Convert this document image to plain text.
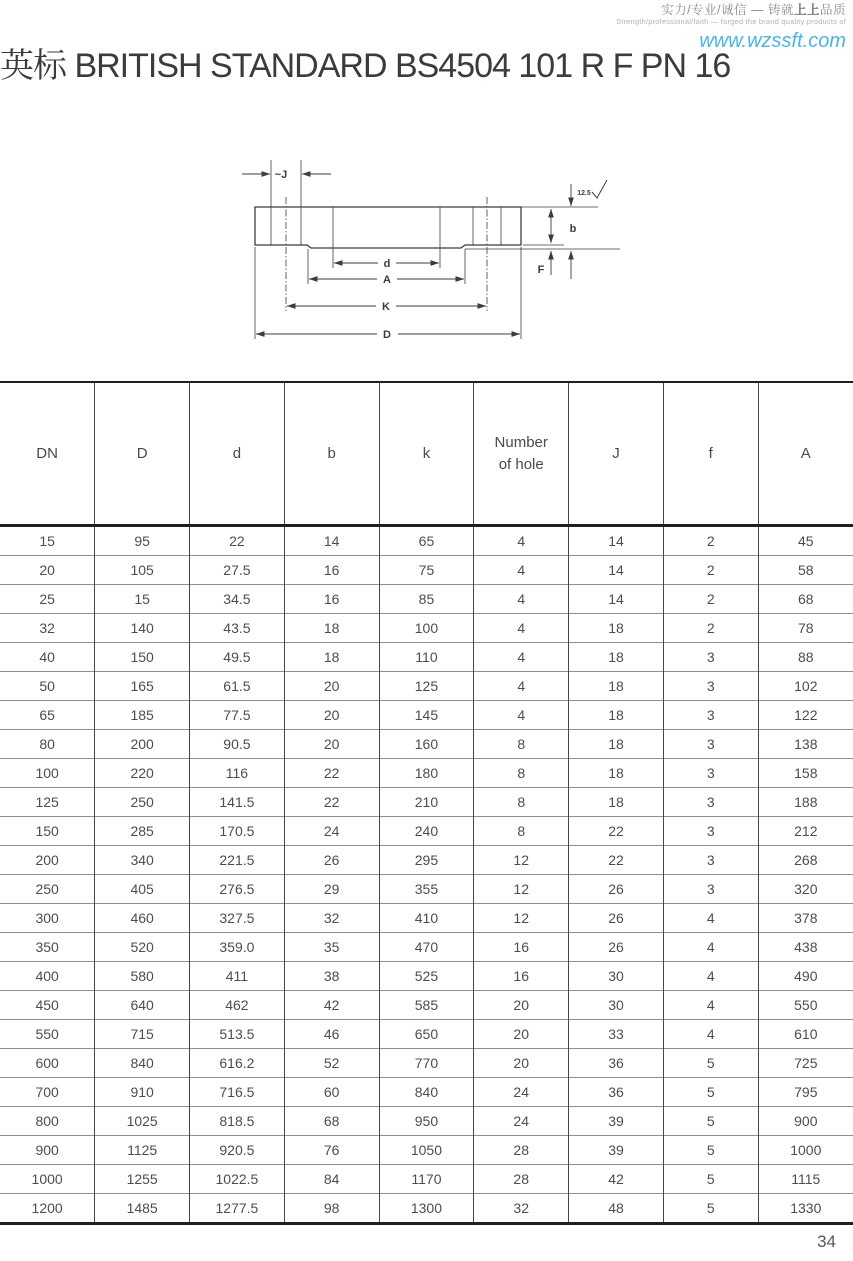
实力/专业/诚信 — 铸就上上品质
Strength/professional/faith — forged the brand quality products of
www.wzssft.com
英标 BRITISH STANDARD BS4504 101 R F PN 16
~J
d
A
K
D
b
F
12.5
DN	D	d	b	k	Number of hole	J	f	A
15	95	22	14	65	4	14	2	45
20	105	27.5	16	75	4	14	2	58
25	15	34.5	16	85	4	14	2	68
32	140	43.5	18	100	4	18	2	78
40	150	49.5	18	110	4	18	3	88
50	165	61.5	20	125	4	18	3	102
65	185	77.5	20	145	4	18	3	122
80	200	90.5	20	160	8	18	3	138
100	220	116	22	180	8	18	3	158
125	250	141.5	22	210	8	18	3	188
150	285	170.5	24	240	8	22	3	212
200	340	221.5	26	295	12	22	3	268
250	405	276.5	29	355	12	26	3	320
300	460	327.5	32	410	12	26	4	378
350	520	359.0	35	470	16	26	4	438
400	580	411	38	525	16	30	4	490
450	640	462	42	585	20	30	4	550
550	715	513.5	46	650	20	33	4	610
600	840	616.2	52	770	20	36	5	725
700	910	716.5	60	840	24	36	5	795
800	1025	818.5	68	950	24	39	5	900
900	1125	920.5	76	1050	28	39	5	1000
1000	1255	1022.5	84	1170	28	42	5	1115
1200	1485	1277.5	98	1300	32	48	5	1330
34
